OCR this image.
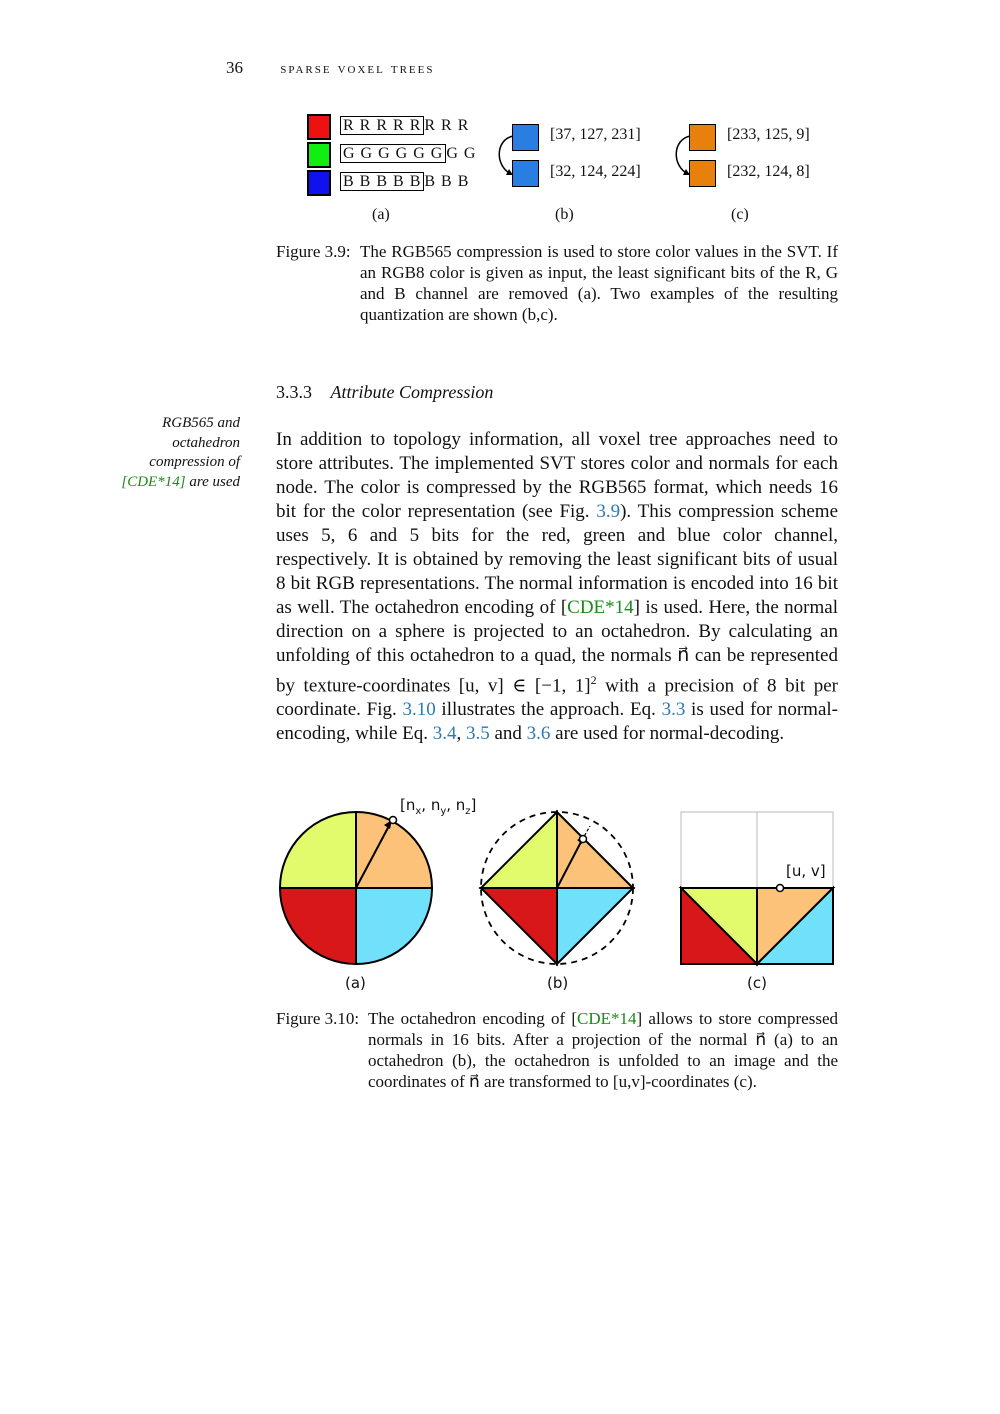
36 sparse voxel trees
R R R R R R R R
G G G G G G G G
B B B B B B B B
(a)
[37, 127, 231]
[32, 124, 224]
(b)
[233, 125, 9]
[232, 124, 8]
(c)
Figure 3.9: The RGB565 compression is used to store color values in the SVT. If an RGB8 color is given as input, the least significant bits of the R, G and B channel are removed (a). Two examples of the resulting quantization are shown (b,c).
3.3.3 Attribute Compression
RGB565 and
octahedron
compression of
[CDE*14] are used

In addition to topology information, all voxel tree approaches need to store attributes. The implemented SVT stores color and normals for each node. The color is compressed by the RGB565 format, which needs 16 bit for the color representation (see Fig. 3.9). This compression scheme uses 5, 6 and 5 bits for the red, green and blue color channel, respectively. It is obtained by removing the least significant bits of usual 8 bit RGB representations. The normal information is encoded into 16 bit as well. The octahedron encoding of [CDE*14] is used. Here, the normal direction on a sphere is projected to an octahedron. By calculating an unfolding of this octahedron to a quad, the normals n⃗ can be represented by texture-coordinates [u, v] ∈ [−1, 1]$^2$ with a precision of 8 bit per coordinate. Fig. 3.10 illustrates the approach. Eq. 3.3 is used for normal-encoding, while Eq. 3.4, 3.5 and 3.6 are used for normal-decoding.

[$n_x$, $n_y$, $n_z$]
[u, v]
(a)	(b)	(c)
Figure 3.10: The octahedron encoding of [CDE*14] allows to store compressed normals in 16 bits. After a projection of the normal n⃗ (a) to an octahedron (b), the octahedron is unfolded to an image and the coordinates of n⃗ are transformed to [u,v]-coordinates (c).
